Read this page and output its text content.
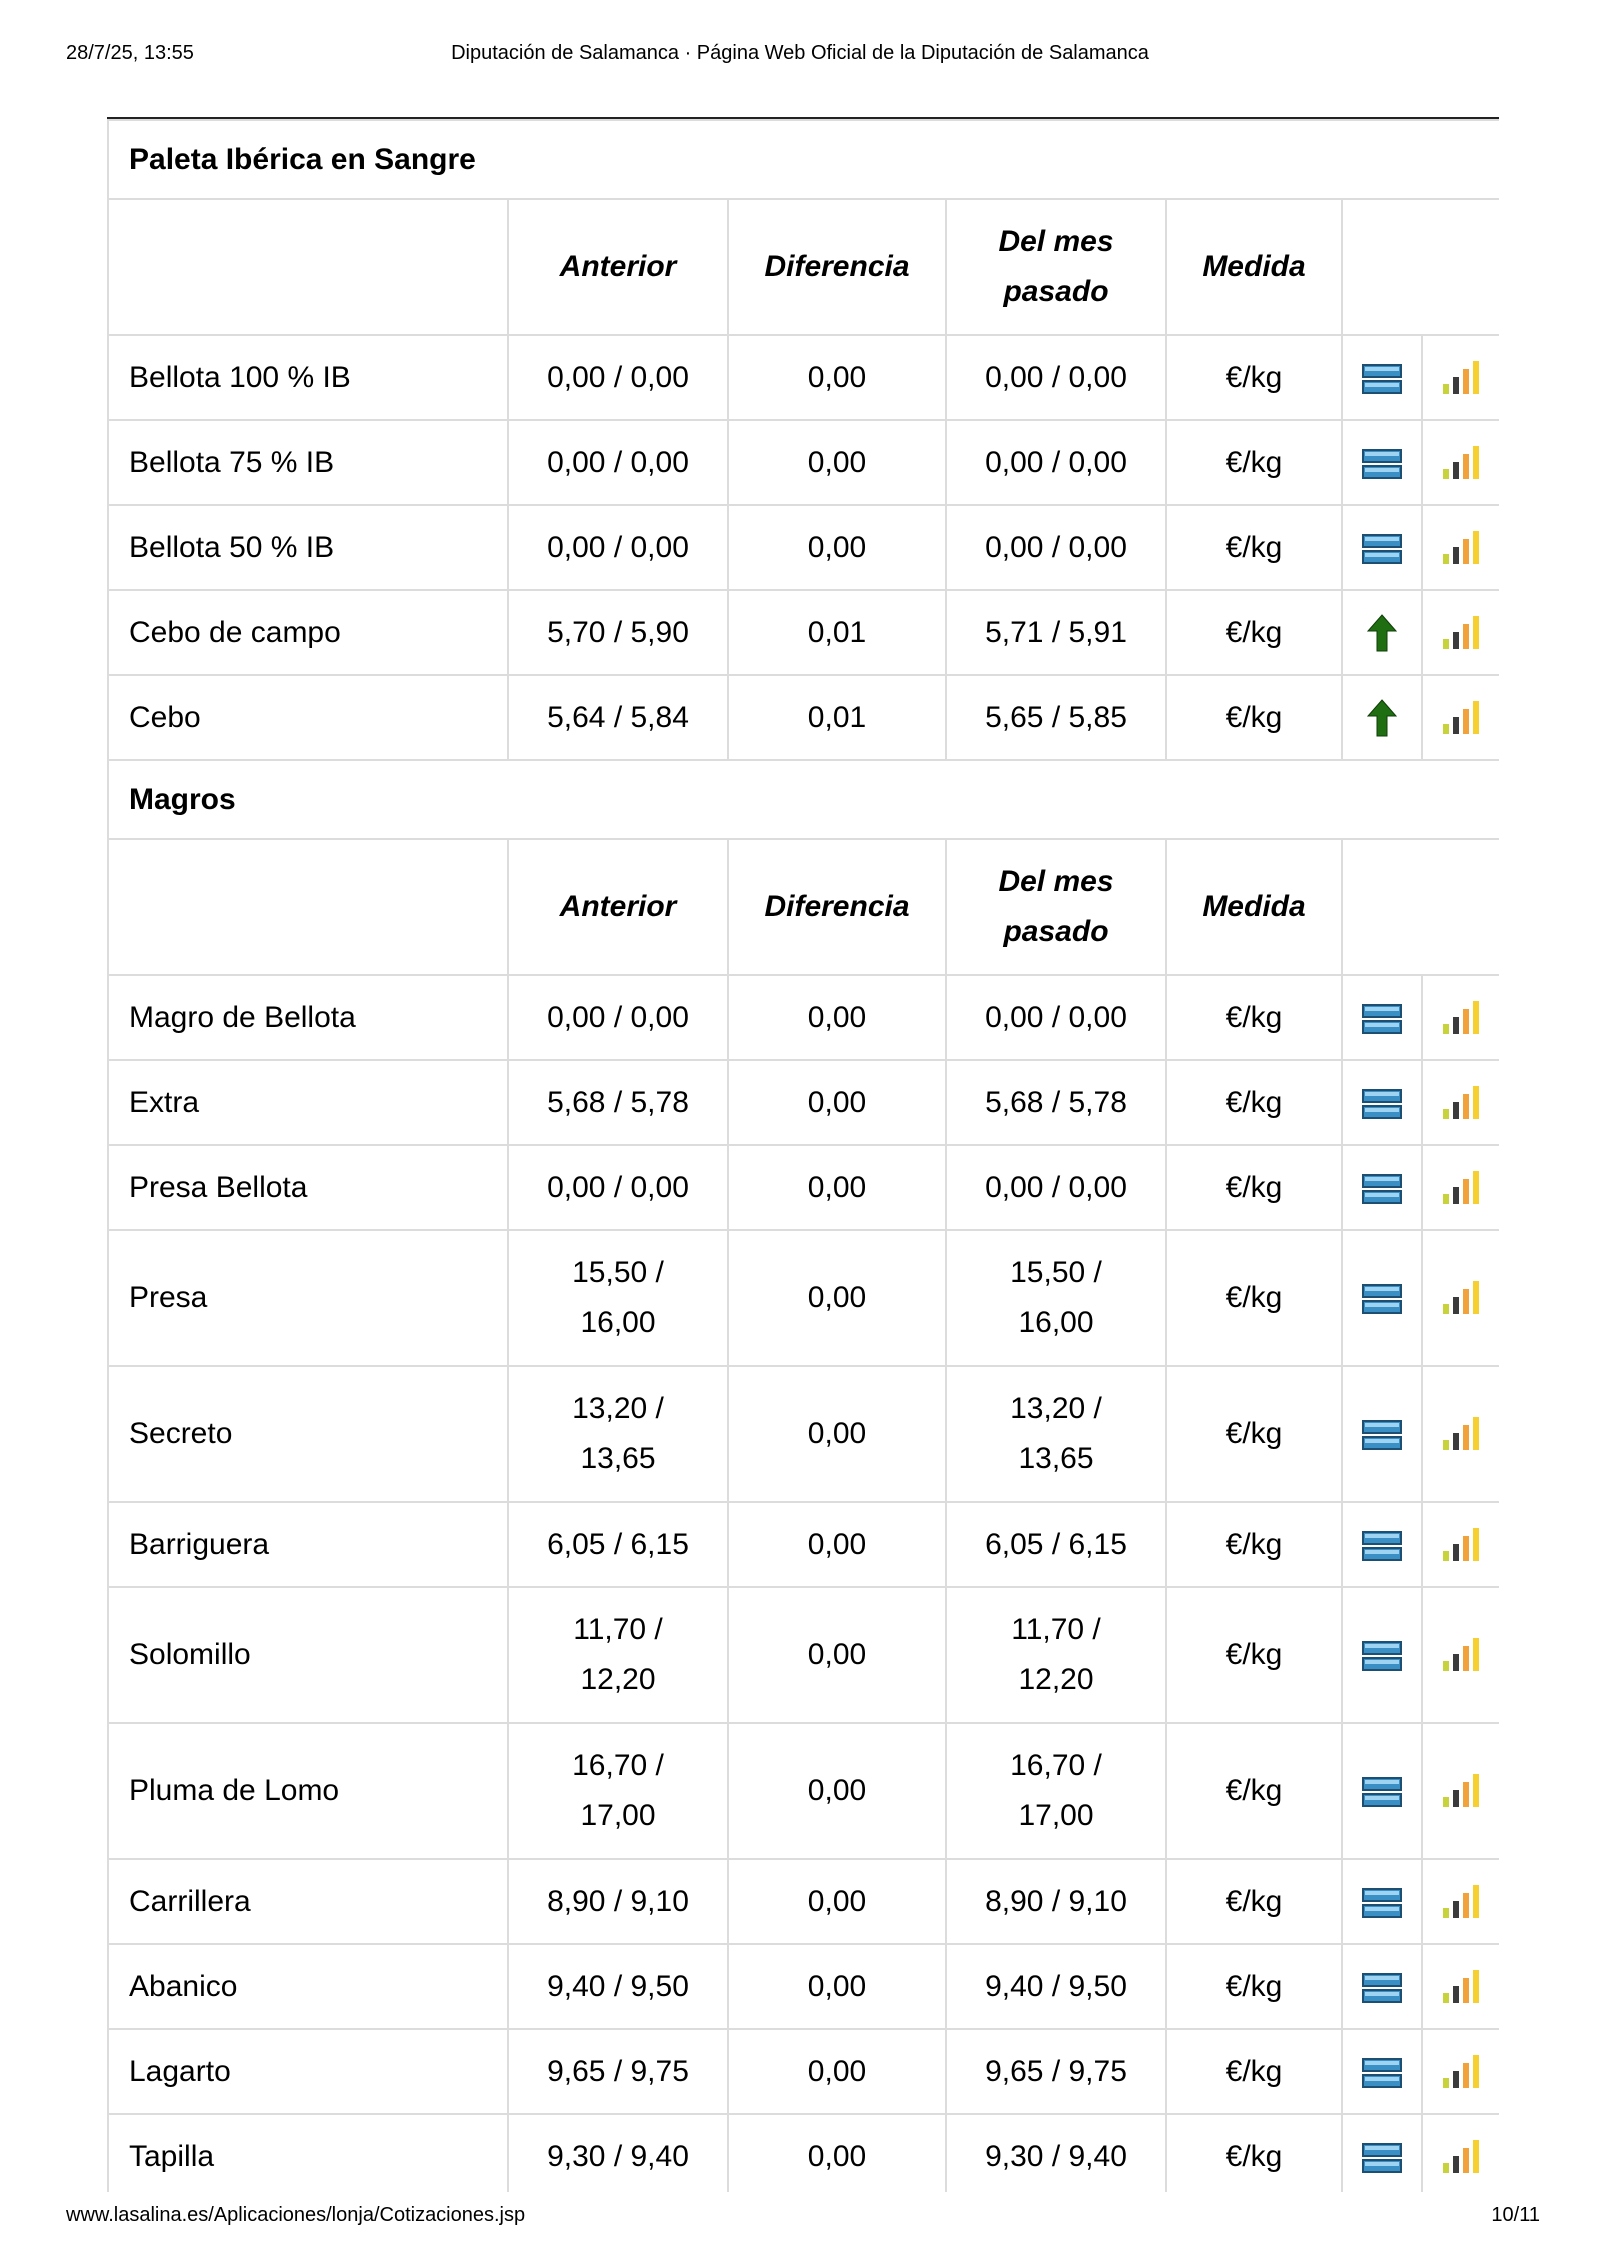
28/7/25, 13:55	Diputación de Salamanca · Página Web Oficial de la Diputación de Salamanca
Paleta Ibérica en Sangre						
	Anterior	Diferencia	Del mes pasado	Medida		
Bellota 100 % IB	0,00 / 0,00	0,00	0,00 / 0,00	€/kg		
Bellota 75 % IB	0,00 / 0,00	0,00	0,00 / 0,00	€/kg		
Bellota 50 % IB	0,00 / 0,00	0,00	0,00 / 0,00	€/kg		
Cebo de campo	5,70 / 5,90	0,01	5,71 / 5,91	€/kg		
Cebo	5,64 / 5,84	0,01	5,65 / 5,85	€/kg		
Magros						
	Anterior	Diferencia	Del mes pasado	Medida		
Magro de Bellota	0,00 / 0,00	0,00	0,00 / 0,00	€/kg		
Extra	5,68 / 5,78	0,00	5,68 / 5,78	€/kg		
Presa Bellota	0,00 / 0,00	0,00	0,00 / 0,00	€/kg		
Presa	15,50 / 16,00	0,00	15,50 / 16,00	€/kg		
Secreto	13,20 / 13,65	0,00	13,20 / 13,65	€/kg		
Barriguera	6,05 / 6,15	0,00	6,05 / 6,15	€/kg		
Solomillo	11,70 / 12,20	0,00	11,70 / 12,20	€/kg		
Pluma de Lomo	16,70 / 17,00	0,00	16,70 / 17,00	€/kg		
Carrillera	8,90 / 9,10	0,00	8,90 / 9,10	€/kg		
Abanico	9,40 / 9,50	0,00	9,40 / 9,50	€/kg		
Lagarto	9,65 / 9,75	0,00	9,65 / 9,75	€/kg		
Tapilla	9,30 / 9,40	0,00	9,30 / 9,40	€/kg		
www.lasalina.es/Aplicaciones/lonja/Cotizaciones.jsp	10/11
